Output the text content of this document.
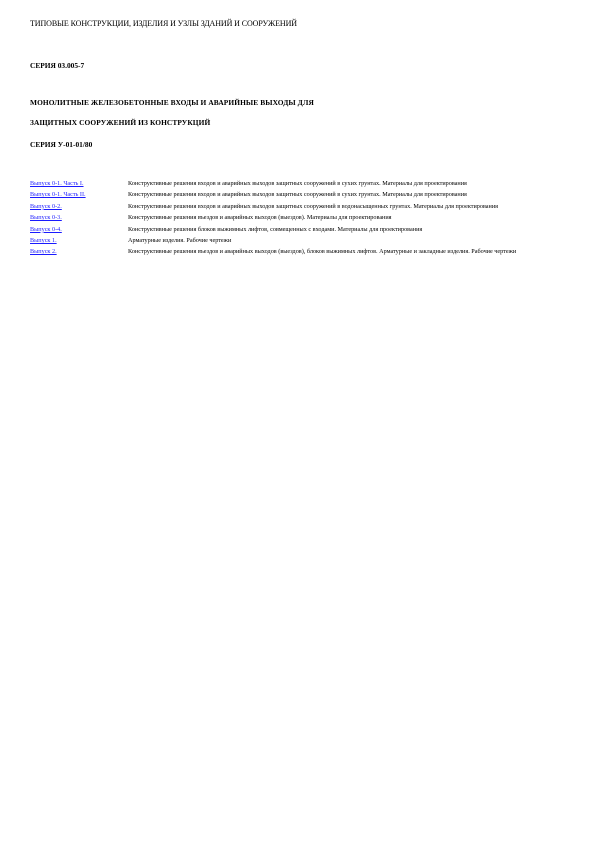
ТИПОВЫЕ КОНСТРУКЦИИ, ИЗДЕЛИЯ И УЗЛЫ ЗДАНИЙ И СООРУЖЕНИЙ
СЕРИЯ 03.005-7
МОНОЛИТНЫЕ ЖЕЛЕЗОБЕТОННЫЕ ВХОДЫ И АВАРИЙНЫЕ ВЫХОДЫ ДЛЯ
ЗАЩИТНЫХ СООРУЖЕНИЙ ИЗ КОНСТРУКЦИЙ
СЕРИЯ У-01-01/80
Выпуск 0-1. Часть I.	Конструктивные решения входов и аварийных выходов защитных сооружений в сухих грунтах. Материалы для проектирования
Выпуск 0-1. Часть II.	Конструктивные решения входов и аварийных выходов защитных сооружений в сухих грунтах. Материалы для проектирования
Выпуск 0-2.	Конструктивные решения входов и аварийных выходов защитных сооружений в водонасыщенных грунтах. Материалы для проектирования
Выпуск 0-3.	Конструктивные решения въездов и аварийных выходов (выездов). Материалы для проектирования
Выпуск 0-4.	Конструктивные решения блоков выжимных лифтов, совмещенных с входами. Материалы для проектирования
Выпуск 1.	Арматурные изделия. Рабочие чертежи
Выпуск 2.	Конструктивные решения въездов и аварийных выходов (выездов), блоков выжимных лифтов. Арматурные и закладные изделия. Рабочие чертежи
